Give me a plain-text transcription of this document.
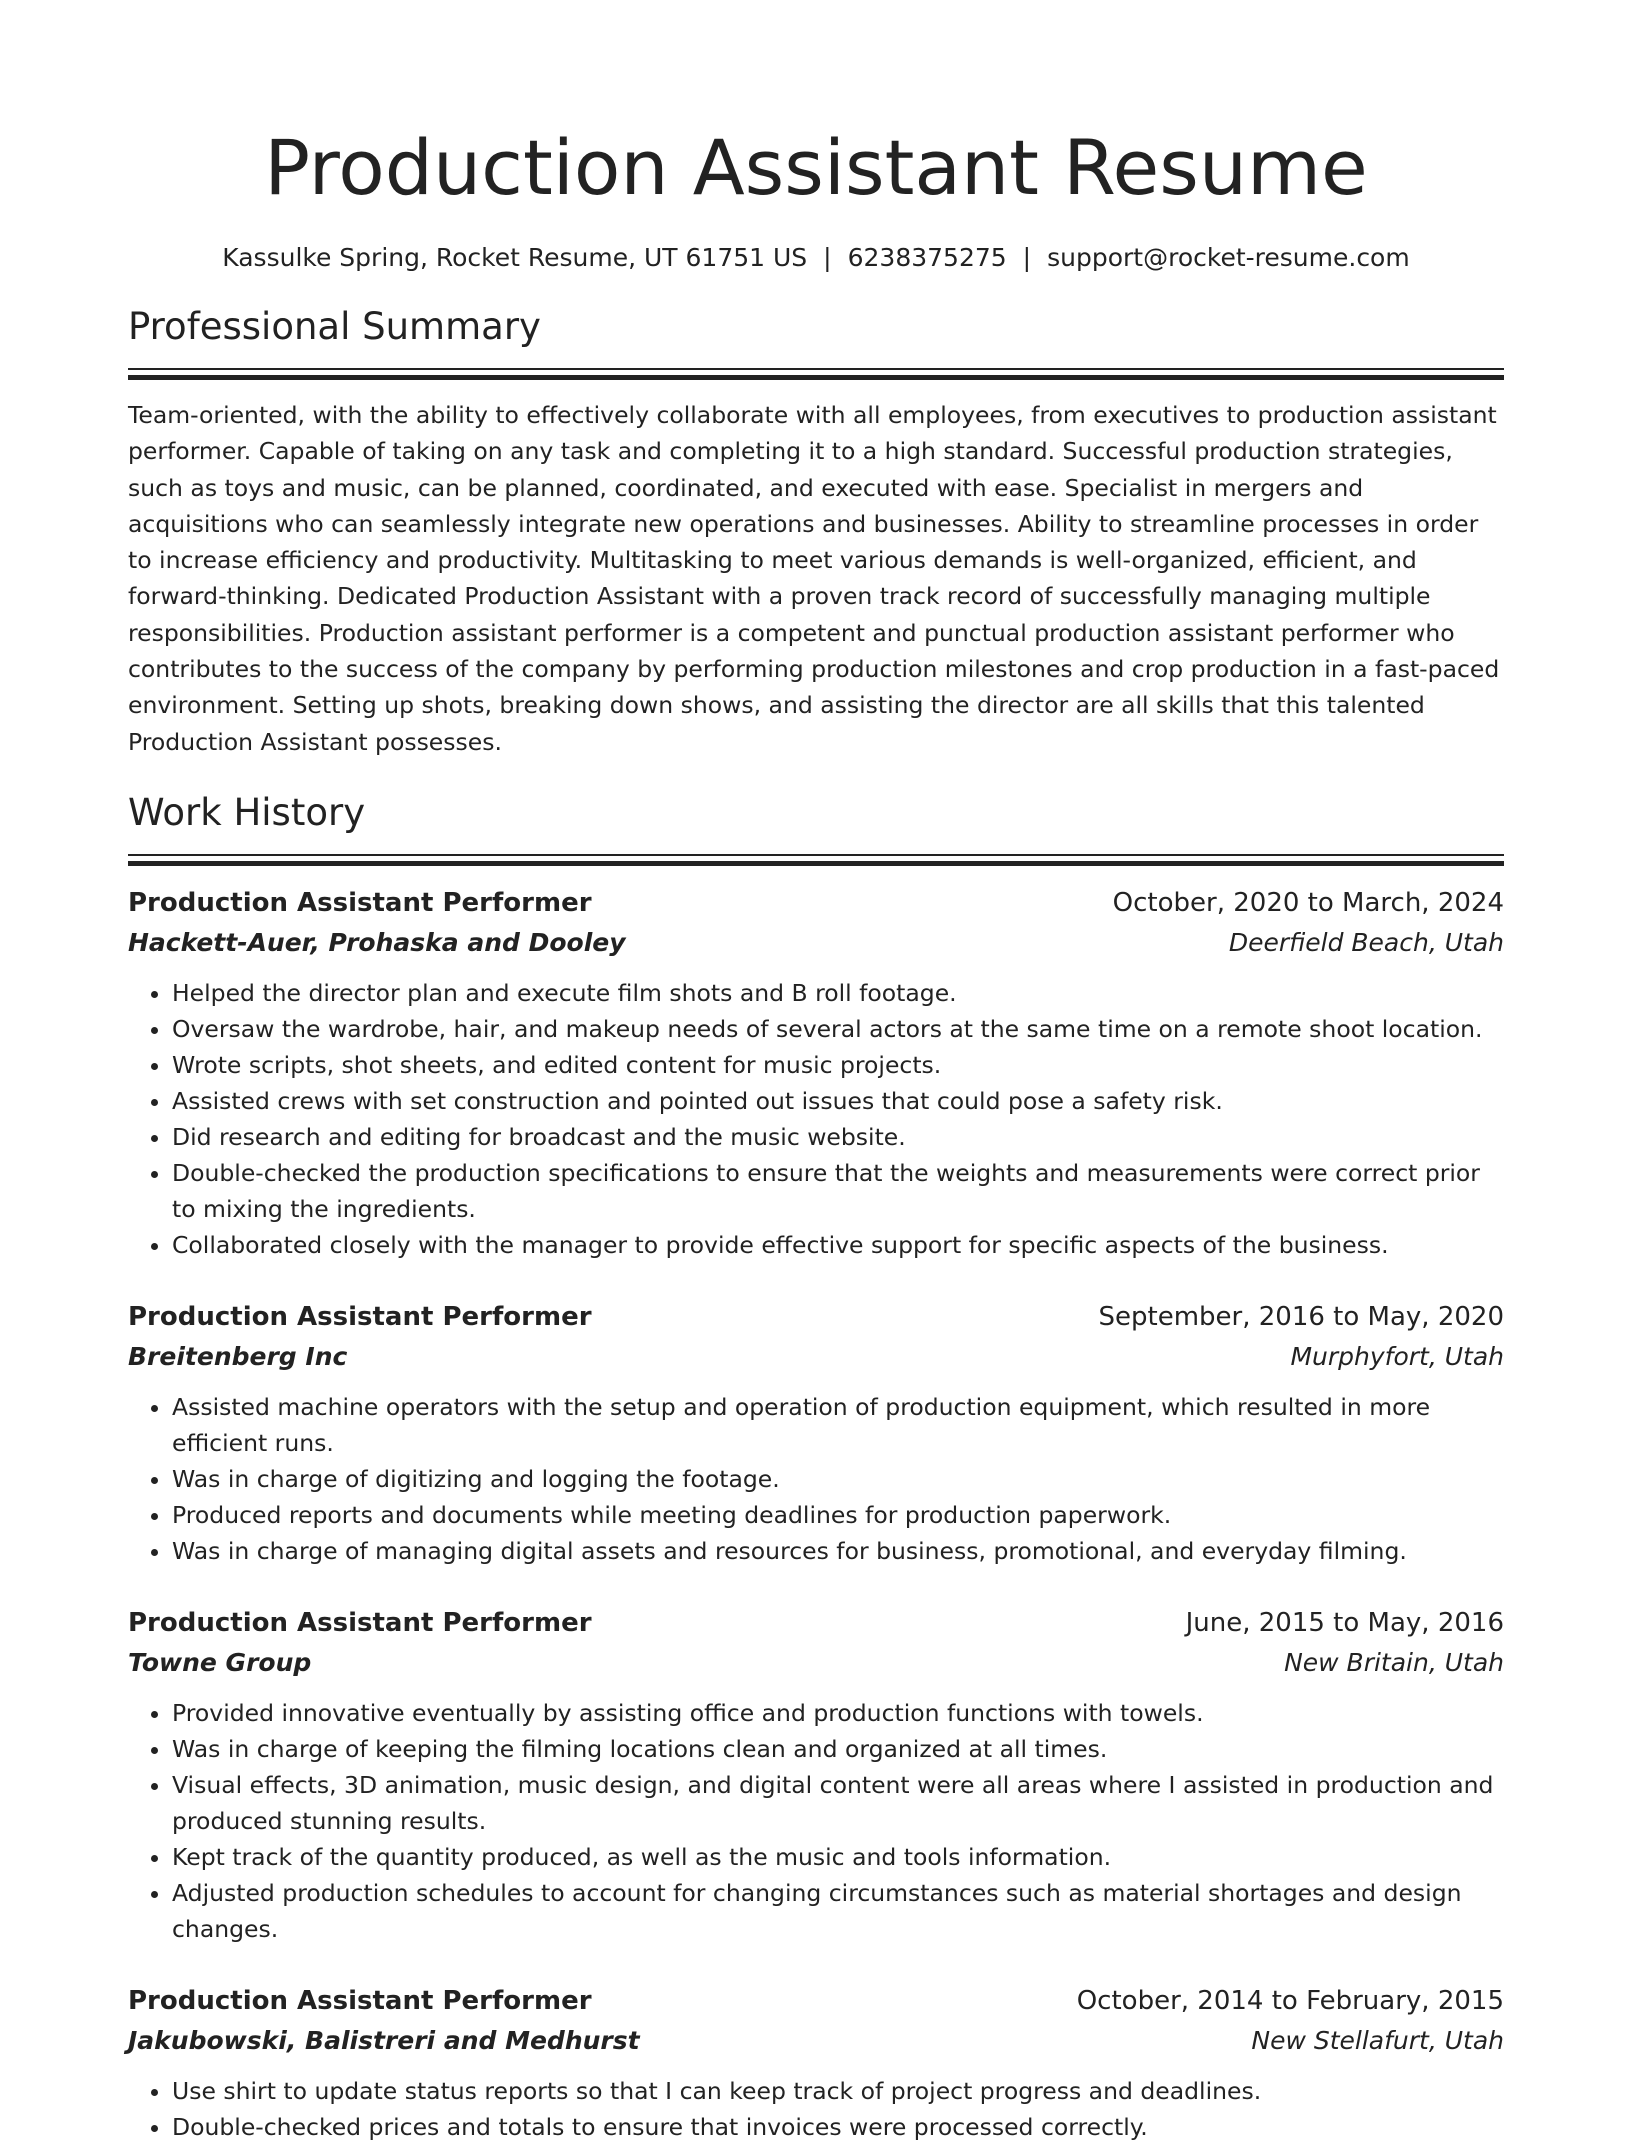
Production Assistant Resume
Kassulke Spring, Rocket Resume, UT 61751 US | 6238375275 | support@rocket-resume.com
Professional Summary

Team-oriented, with the ability to effectively collaborate with all employees, from executives to production assistant performer. Capable of taking on any task and completing it to a high standard. Successful production strategies, such as toys and music, can be planned, coordinated, and executed with ease. Specialist in mergers and acquisitions who can seamlessly integrate new operations and businesses. Ability to streamline processes in order to increase efficiency and productivity. Multitasking to meet various demands is well-organized, efficient, and forward-thinking. Dedicated Production Assistant with a proven track record of successfully managing multiple responsibilities. Production assistant performer is a competent and punctual production assistant performer who contributes to the success of the company by performing production milestones and crop production in a fast-paced environment. Setting up shots, breaking down shows, and assisting the director are all skills that this talented Production Assistant possesses.

Work History
Production Assistant Performer	October, 2020 to March, 2024
Hackett-Auer, Prohaska and Dooley	Deerfield Beach, Utah
• Helped the director plan and execute film shots and B roll footage.
• Oversaw the wardrobe, hair, and makeup needs of several actors at the same time on a remote shoot location.
• Wrote scripts, shot sheets, and edited content for music projects.
• Assisted crews with set construction and pointed out issues that could pose a safety risk.
• Did research and editing for broadcast and the music website.
• Double-checked the production specifications to ensure that the weights and measurements were correct prior to mixing the ingredients.
• Collaborated closely with the manager to provide effective support for specific aspects of the business.
Production Assistant Performer	September, 2016 to May, 2020
Breitenberg Inc	Murphyfort, Utah
• Assisted machine operators with the setup and operation of production equipment, which resulted in more efficient runs.
• Was in charge of digitizing and logging the footage.
• Produced reports and documents while meeting deadlines for production paperwork.
• Was in charge of managing digital assets and resources for business, promotional, and everyday filming.
Production Assistant Performer	June, 2015 to May, 2016
Towne Group	New Britain, Utah
• Provided innovative eventually by assisting office and production functions with towels.
• Was in charge of keeping the filming locations clean and organized at all times.
• Visual effects, 3D animation, music design, and digital content were all areas where I assisted in production and produced stunning results.
• Kept track of the quantity produced, as well as the music and tools information.
• Adjusted production schedules to account for changing circumstances such as material shortages and design changes.
Production Assistant Performer	October, 2014 to February, 2015
Jakubowski, Balistreri and Medhurst	New Stellafurt, Utah
• Use shirt to update status reports so that I can keep track of project progress and deadlines.
• Double-checked prices and totals to ensure that invoices were processed correctly.
